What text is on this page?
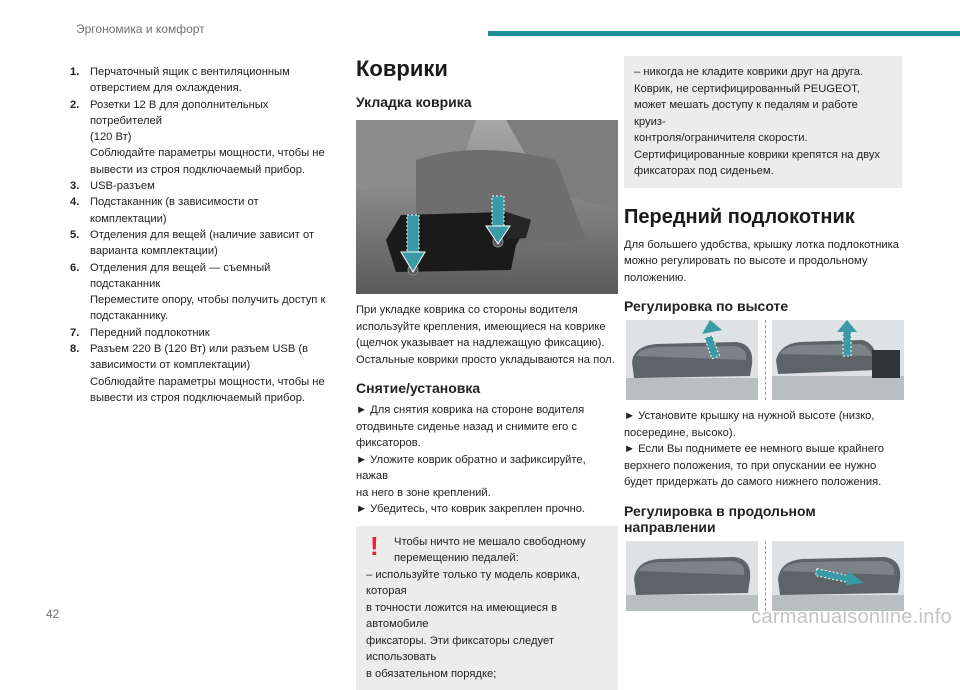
Эргономика и комфорт
1. Перчаточный ящик с вентиляционным
отверстием для охлаждения.
2. Розетки 12 В для дополнительных потребителей
(120 Вт)
Соблюдайте параметры мощности, чтобы не
вывести из строя подключаемый прибор.
3. USB-разъем
4. Подстаканник (в зависимости от комплектации)
5. Отделения для вещей (наличие зависит от
варианта комплектации)
6. Отделения для вещей — съемный подстаканник
Переместите опору, чтобы получить доступ к
подстаканнику.
7. Передний подлокотник
8. Разъем 220 В (120 Вт) или разъем USB (в
зависимости от комплектации)
Соблюдайте параметры мощности, чтобы не
вывести из строя подключаемый прибор.
Коврики
Укладка коврика

При укладке коврика со стороны водителя
используйте крепления, имеющиеся на коврике
(щелчок указывает на надлежащую фиксацию).
Остальные коврики просто укладываются на пол.

Снятие/установка
► Для снятия коврика на стороне водителя
отодвиньте сиденье назад и снимите его с
фиксаторов.
► Уложите коврик обратно и зафиксируйте, нажав
на него в зоне креплений.
► Убедитесь, что коврик закреплен прочно.
!	Чтобы ничто не мешало свободному
перемещению педалей:
– используйте только ту модель коврика, которая
в точности ложится на имеющиеся в автомобиле
фиксаторы. Эти фиксаторы следует использовать
в обязательном порядке;
– никогда не кладите коврики друг на друга.
Коврик, не сертифицированный PEUGEOT,
может мешать доступу к педалям и работе круиз-
контроля/ограничителя скорости.
Сертифицированные коврики крепятся на двух
фиксаторах под сиденьем.
Передний подлокотник

Для большего удобства, крышку лотка подлокотника
можно регулировать по высоте и продольному
положению.

Регулировка по высоте

► Установите крышку на нужной высоте (низко,
посередине, высоко).
► Если Вы поднимете ее немного выше крайнего
верхнего положения, то при опускании ее нужно
будет придержать до самого нижнего положения.

Регулировка в продольном направлении
42	carmanualsonline.info
